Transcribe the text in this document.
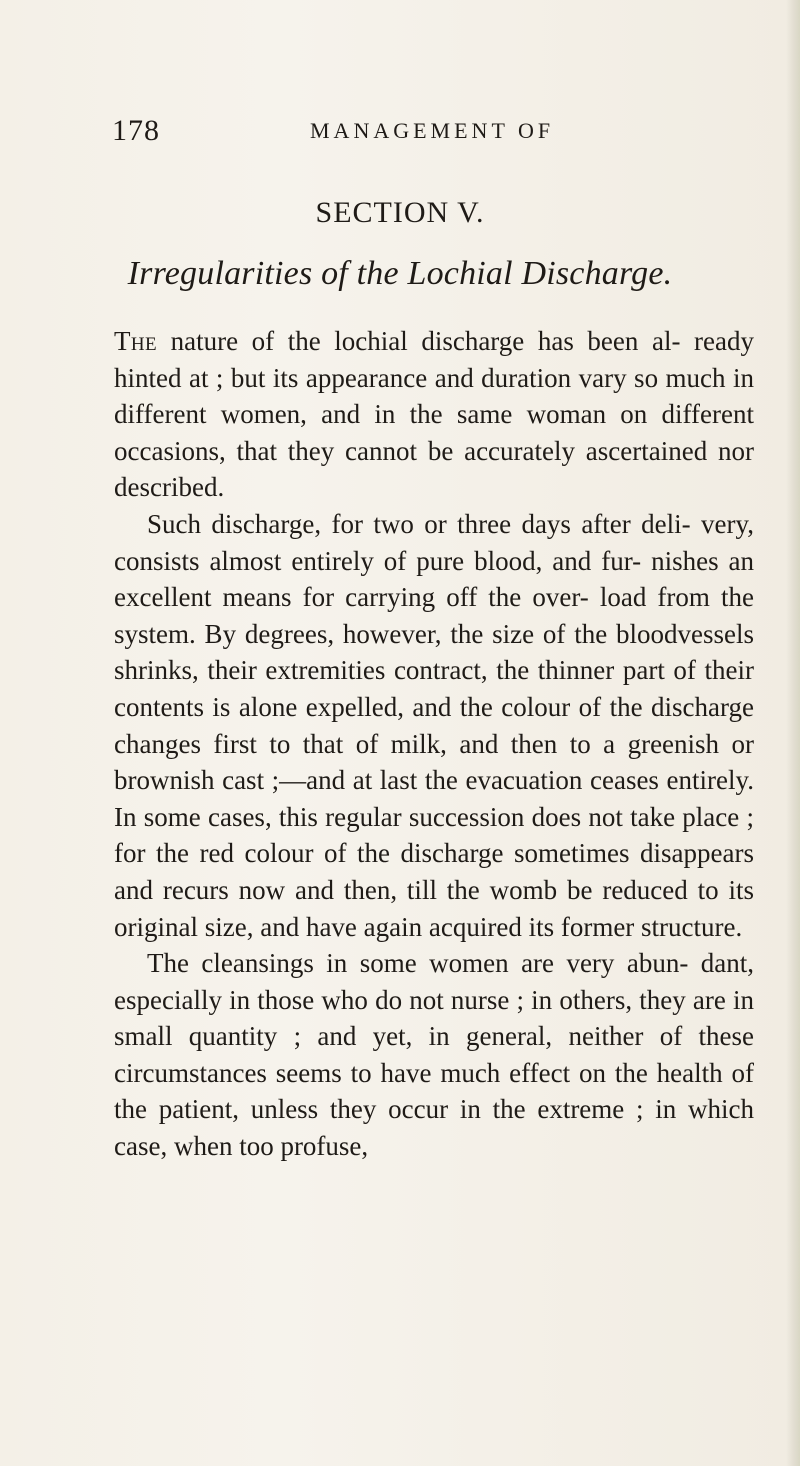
178	MANAGEMENT OF
SECTION V.
Irregularities of the Lochial Discharge.

The nature of the lochial discharge has been al- ready hinted at ; but its appearance and duration vary so much in different women, and in the same woman on different occasions, that they cannot be accurately ascertained nor described.

Such discharge, for two or three days after deli- very, consists almost entirely of pure blood, and fur- nishes an excellent means for carrying off the over- load from the system. By degrees, however, the size of the bloodvessels shrinks, their extremities contract, the thinner part of their contents is alone expelled, and the colour of the discharge changes first to that of milk, and then to a greenish or brownish cast ;—and at last the evacuation ceases entirely. In some cases, this regular succession does not take place ; for the red colour of the discharge sometimes disappears and recurs now and then, till the womb be reduced to its original size, and have again acquired its former structure.

The cleansings in some women are very abun- dant, especially in those who do not nurse ; in others, they are in small quantity ; and yet, in general, neither of these circumstances seems to have much effect on the health of the patient, unless they occur in the extreme ; in which case, when too profuse,
